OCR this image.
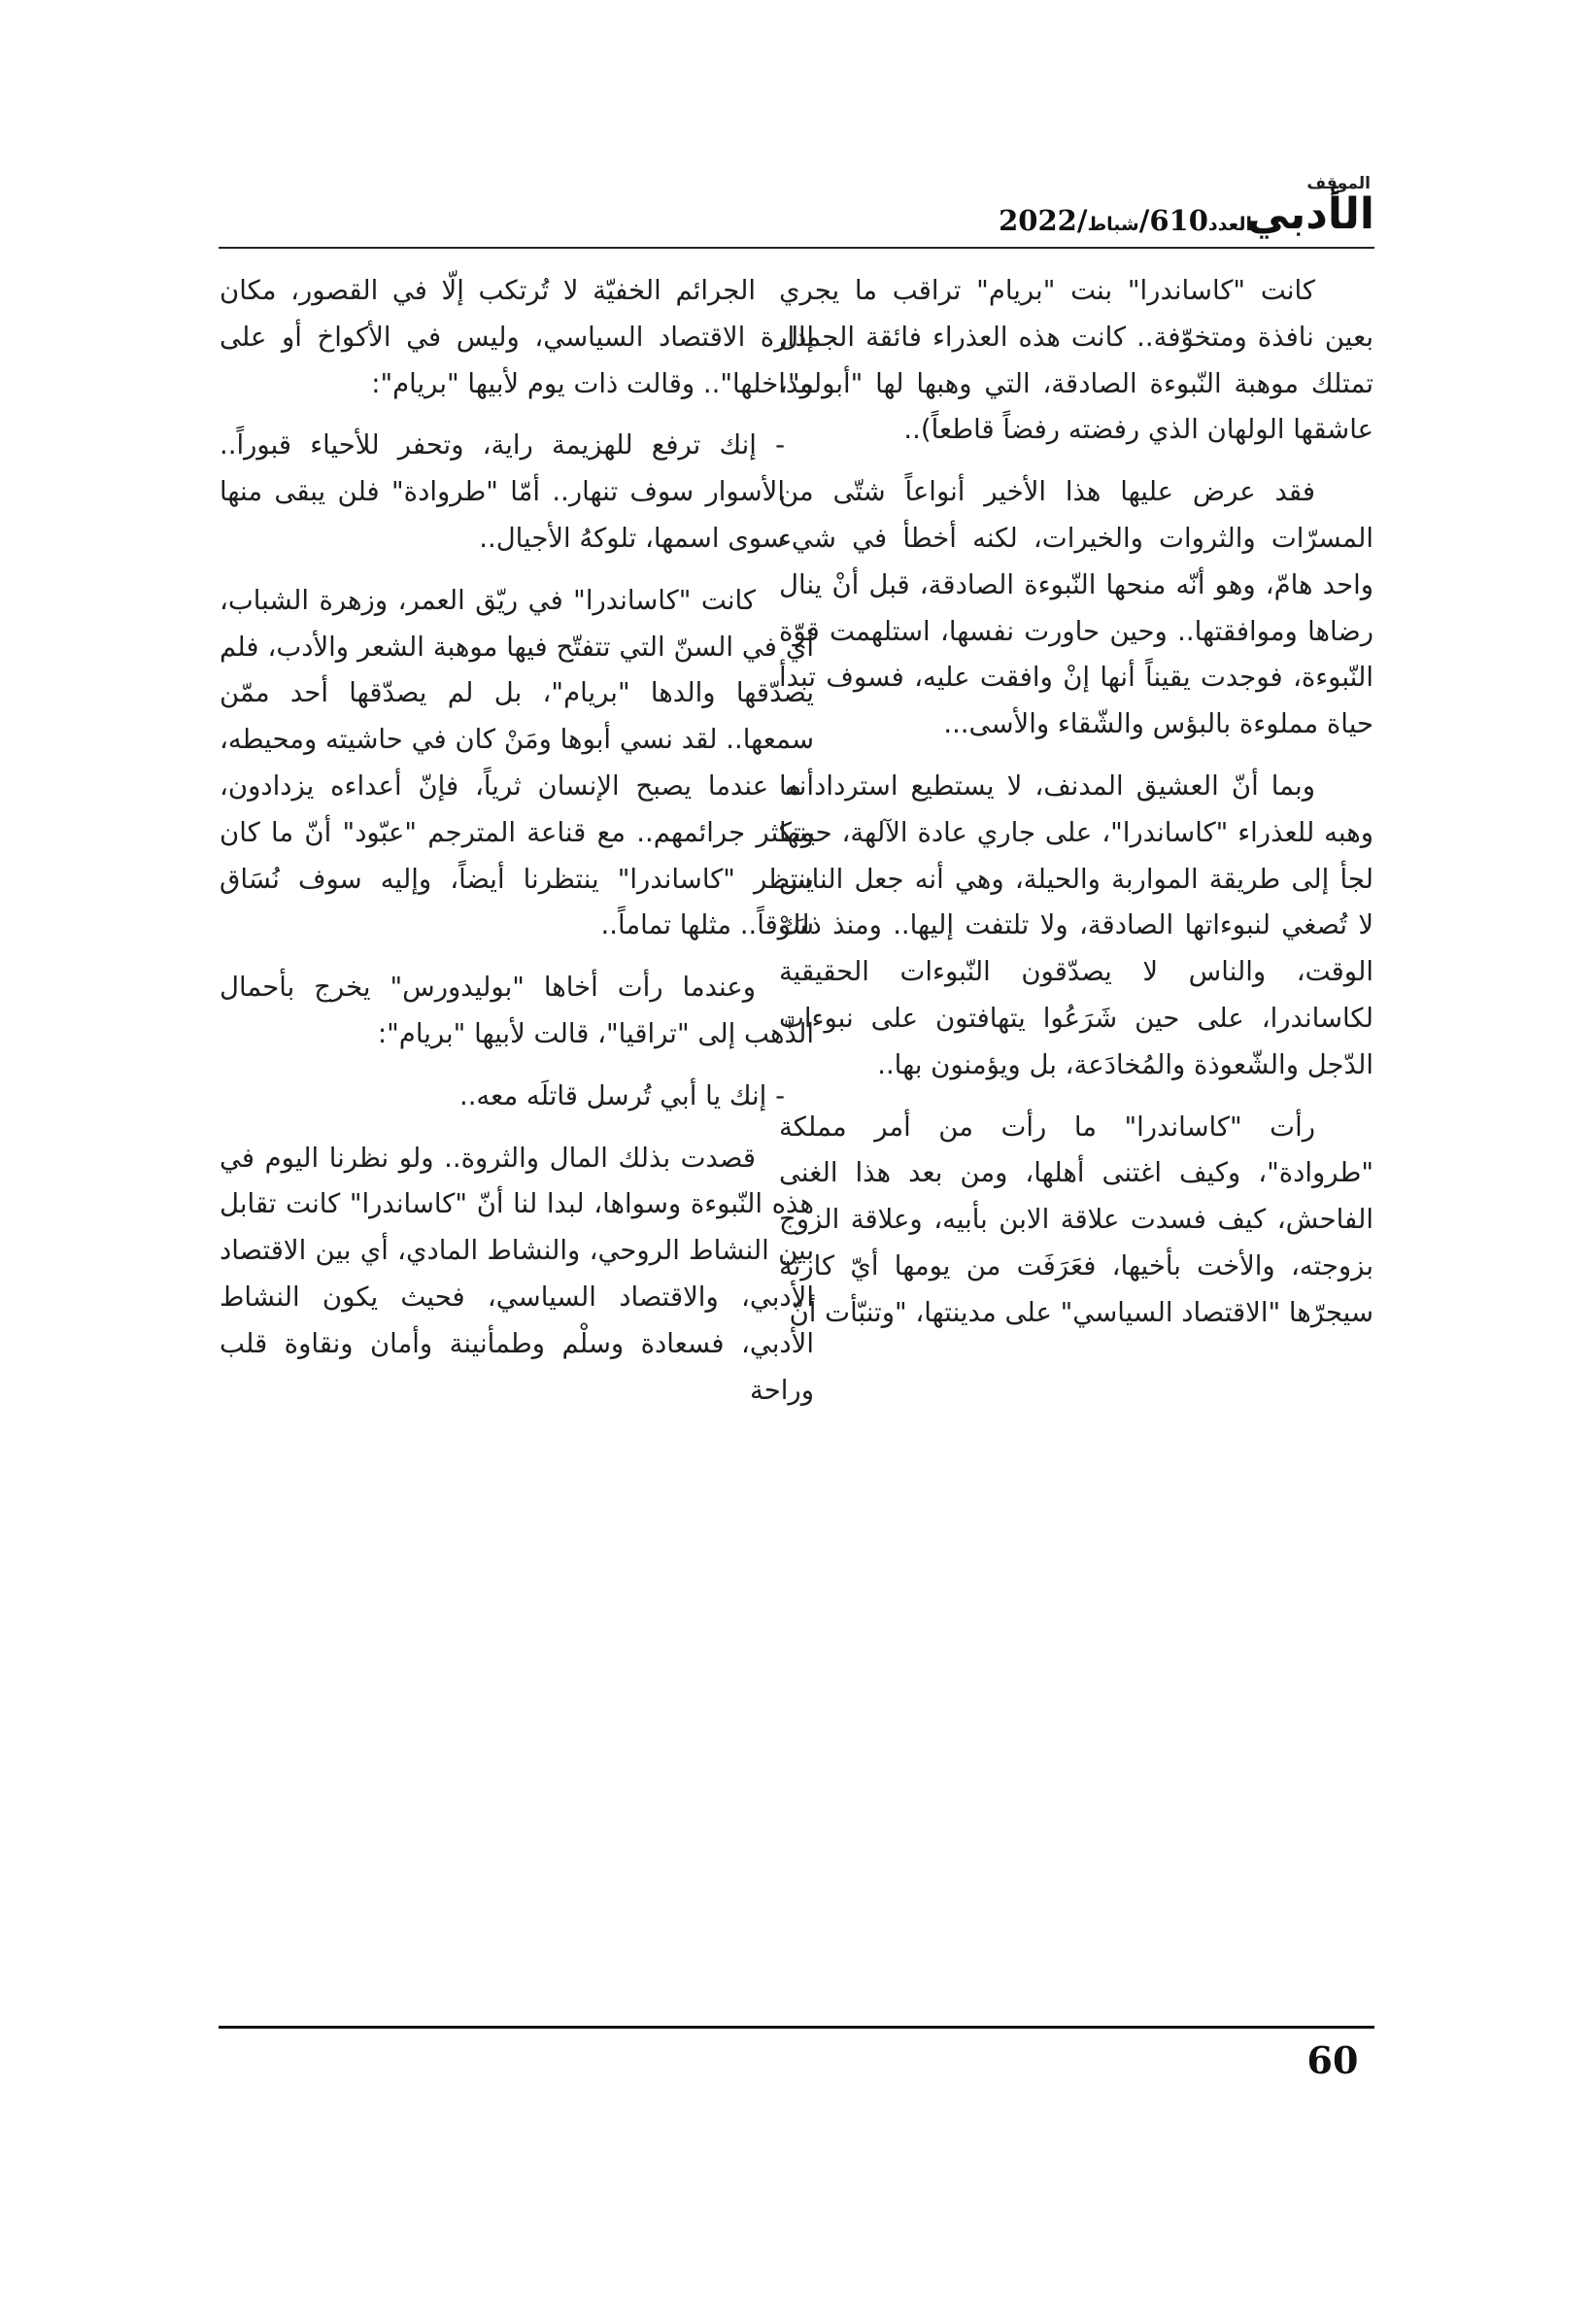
الموقف
الأدبي
العدد610/شباط/2022

كانت "كاساندرا" بنت "بريام" تراقب ما يجري بعين نافذة ومتخوّفة.. كانت هذه العذراء فائقة الجمال تمتلك موهبة النّبوءة الصادقة، التي وهبها لها "أبولو"، عاشقها الولهان الذي رفضته رفضاً قاطعاً)..

فقد عرض عليها هذا الأخير أنواعاً شتّى من المسرّات والثروات والخيرات، لكنه أخطأ في شيء واحد هامّ، وهو أنّه منحها النّبوءة الصادقة، قبل أنْ ينال رضاها وموافقتها.. وحين حاورت نفسها، استلهمت قوّة النّبوءة، فوجدت يقيناً أنها إنْ وافقت عليه، فسوف تبدأ حياة مملوءة بالبؤس والشّقاء والأسى...

وبما أنّ العشيق المدنف، لا يستطيع استرداد ما وهبه للعذراء "كاساندرا"، على جاري عادة الآلهة، حينها لجأ إلى طريقة المواربة والحيلة، وهي أنه جعل الناس لا تُصغي لنبوءاتها الصادقة، ولا تلتفت إليها.. ومنذ ذلك الوقت، والناس لا يصدّقون النّبوءات الحقيقية لكاساندرا، على حين شَرَعُوا يتهافتون على نبوءات الدّجل والشّعوذة والمُخادَعة، بل ويؤمنون بها..

رأت "كاساندرا" ما رأت من أمر مملكة "طروادة"، وكيف اغتنى أهلها، ومن بعد هذا الغنى الفاحش، كيف فسدت علاقة الابن بأبيه، وعلاقة الزوج بزوجته، والأخت بأخيها، فعَرَفَت من يومها أيّ كارثة سيجرّها "الاقتصاد السياسي" على مدينتها، "وتنبّأت أنّ

الجرائم الخفيّة لا تُرتكب إلّا في القصور، مكان إدارة الاقتصاد السياسي، وليس في الأكواخ أو على مداخلها".. وقالت ذات يوم لأبيها "بريام":

- إنك ترفع للهزيمة راية، وتحفر للأحياء قبوراً.. الأسوار سوف تنهار.. أمّا "طروادة" فلن يبقى منها سوى اسمها، تلوكهُ الأجيال..

كانت "كاساندرا" في ريّق العمر، وزهرة الشباب، أي في السنّ التي تتفتّح فيها موهبة الشعر والأدب، فلم يصدّقها والدها "بريام"، بل لم يصدّقها أحد ممّن سمعها.. لقد نسي أبوها ومَنْ كان في حاشيته ومحيطه، أنه عندما يصبح الإنسان ثرياً، فإنّ أعداءه يزدادون، وتكثر جرائمهم.. مع قناعة المترجم "عبّود" أنّ ما كان ينتظر "كاساندرا" ينتظرنا أيضاً، وإليه سوف نُسَاق سَوْقاً.. مثلها تماماً..

وعندما رأت أخاها "بوليدورس" يخرج بأحمال الذّهب إلى "تراقيا"، قالت لأبيها "بريام":

- إنك يا أبي تُرسل قاتلَه معه..

قصدت بذلك المال والثروة.. ولو نظرنا اليوم في هذه النّبوءة وسواها، لبدا لنا أنّ "كاساندرا" كانت تقابل بين النشاط الروحي، والنشاط المادي، أي بين الاقتصاد الأدبي، والاقتصاد السياسي، فحيث يكون النشاط الأدبي، فسعادة وسلْم وطمأنينة وأمان ونقاوة قلب وراحة

60
